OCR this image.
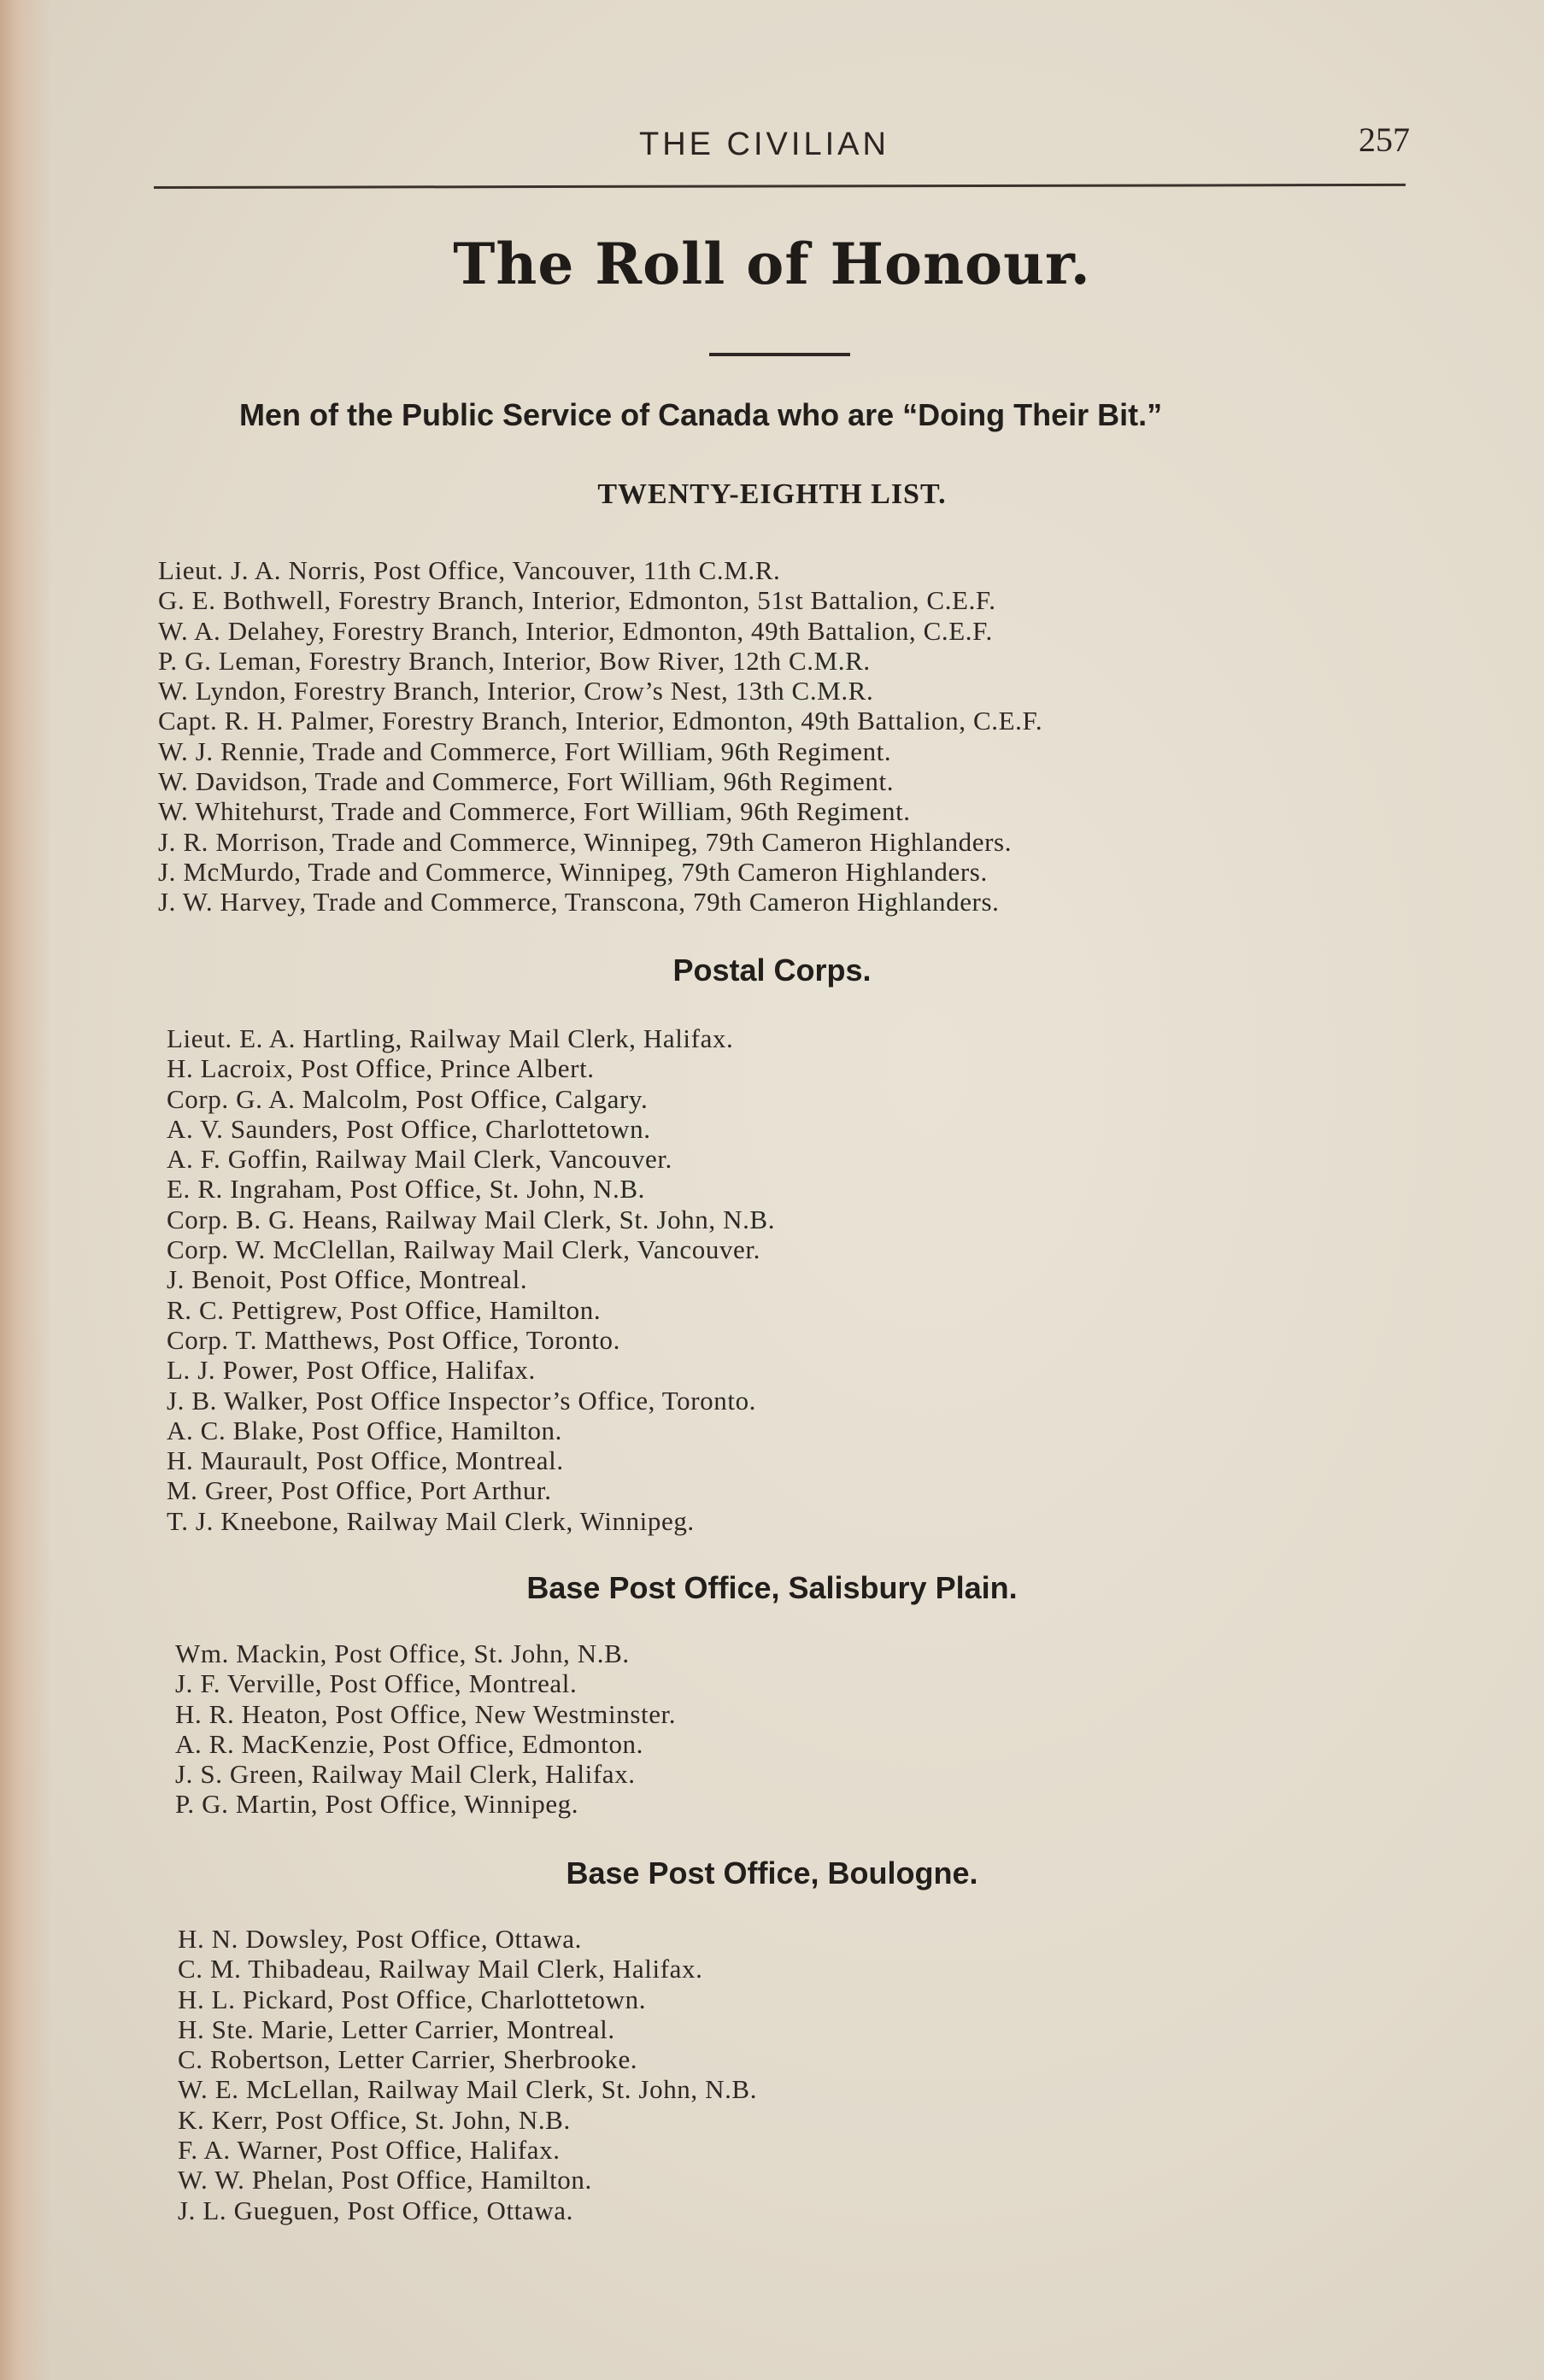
THE CIVILIAN	257
The Roll of Honour.
Men of the Public Service of Canada who are “Doing Their Bit.”
TWENTY-EIGHTH LIST.
Lieut. J. A. Norris, Post Office, Vancouver, 11th C.M.R.
G. E. Bothwell, Forestry Branch, Interior, Edmonton, 51st Battalion, C.E.F.
W. A. Delahey, Forestry Branch, Interior, Edmonton, 49th Battalion, C.E.F.
P. G. Leman, Forestry Branch, Interior, Bow River, 12th C.M.R.
W. Lyndon, Forestry Branch, Interior, Crow’s Nest, 13th C.M.R.
Capt. R. H. Palmer, Forestry Branch, Interior, Edmonton, 49th Battalion, C.E.F.
W. J. Rennie, Trade and Commerce, Fort William, 96th Regiment.
W. Davidson, Trade and Commerce, Fort William, 96th Regiment.
W. Whitehurst, Trade and Commerce, Fort William, 96th Regiment.
J. R. Morrison, Trade and Commerce, Winnipeg, 79th Cameron Highlanders.
J. McMurdo, Trade and Commerce, Winnipeg, 79th Cameron Highlanders.
J. W. Harvey, Trade and Commerce, Transcona, 79th Cameron Highlanders.
Postal Corps.
Lieut. E. A. Hartling, Railway Mail Clerk, Halifax.
H. Lacroix, Post Office, Prince Albert.
Corp. G. A. Malcolm, Post Office, Calgary.
A. V. Saunders, Post Office, Charlottetown.
A. F. Goffin, Railway Mail Clerk, Vancouver.
E. R. Ingraham, Post Office, St. John, N.B.
Corp. B. G. Heans, Railway Mail Clerk, St. John, N.B.
Corp. W. McClellan, Railway Mail Clerk, Vancouver.
J. Benoit, Post Office, Montreal.
R. C. Pettigrew, Post Office, Hamilton.
Corp. T. Matthews, Post Office, Toronto.
L. J. Power, Post Office, Halifax.
J. B. Walker, Post Office Inspector’s Office, Toronto.
A. C. Blake, Post Office, Hamilton.
H. Maurault, Post Office, Montreal.
M. Greer, Post Office, Port Arthur.
T. J. Kneebone, Railway Mail Clerk, Winnipeg.
Base Post Office, Salisbury Plain.
Wm. Mackin, Post Office, St. John, N.B.
J. F. Verville, Post Office, Montreal.
H. R. Heaton, Post Office, New Westminster.
A. R. MacKenzie, Post Office, Edmonton.
J. S. Green, Railway Mail Clerk, Halifax.
P. G. Martin, Post Office, Winnipeg.
Base Post Office, Boulogne.
H. N. Dowsley, Post Office, Ottawa.
C. M. Thibadeau, Railway Mail Clerk, Halifax.
H. L. Pickard, Post Office, Charlottetown.
H. Ste. Marie, Letter Carrier, Montreal.
C. Robertson, Letter Carrier, Sherbrooke.
W. E. McLellan, Railway Mail Clerk, St. John, N.B.
K. Kerr, Post Office, St. John, N.B.
F. A. Warner, Post Office, Halifax.
W. W. Phelan, Post Office, Hamilton.
J. L. Gueguen, Post Office, Ottawa.
